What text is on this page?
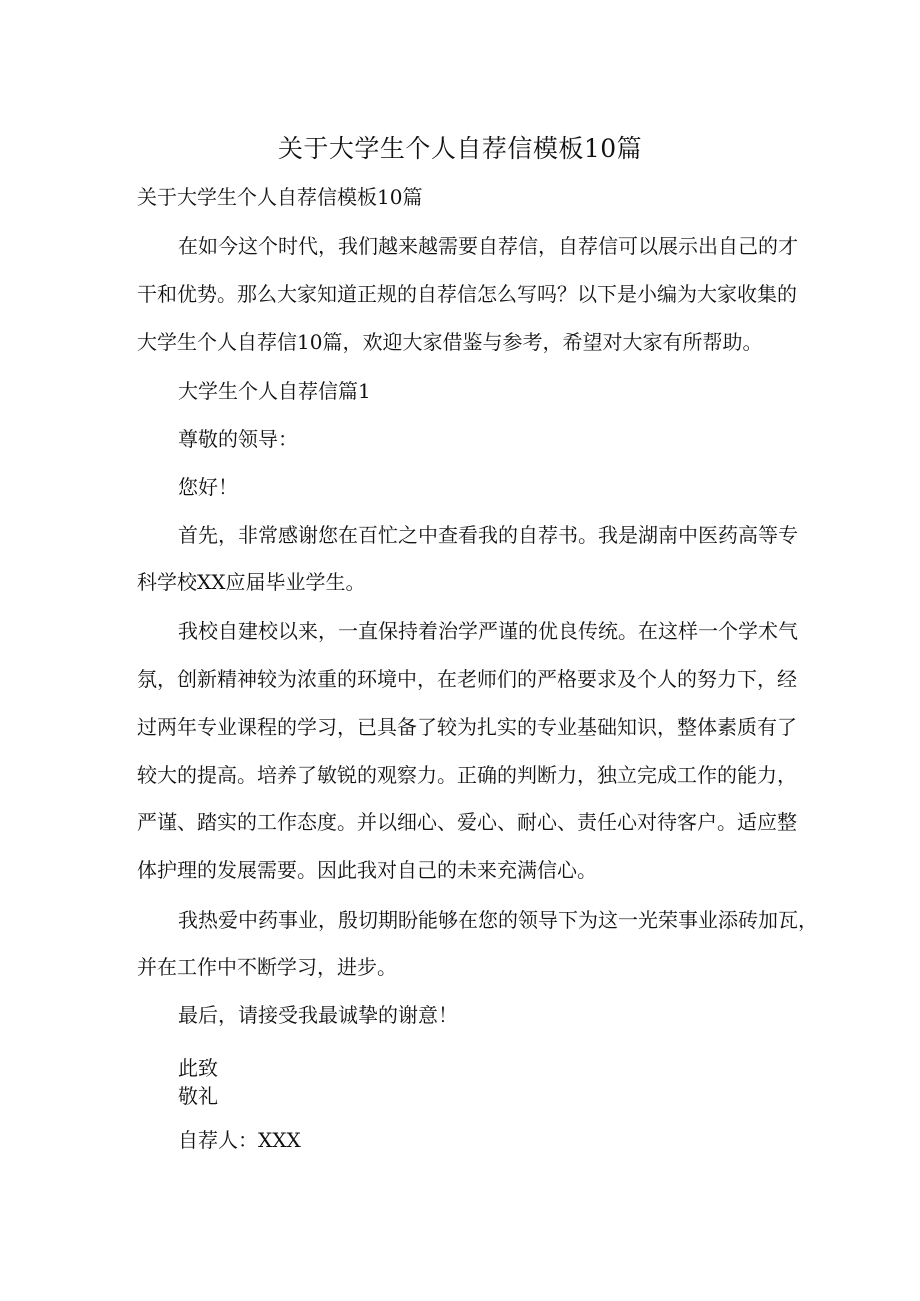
关于大学生个人自荐信模板10篇
关于大学生个人自荐信模板10篇
在如今这个时代，我们越来越需要自荐信，自荐信可以展示出自己的才
干和优势。那么大家知道正规的自荐信怎么写吗？以下是小编为大家收集的
大学生个人自荐信10篇，欢迎大家借鉴与参考，希望对大家有所帮助。
大学生个人自荐信篇1
尊敬的领导：
您好！
首先，非常感谢您在百忙之中查看我的自荐书。我是湖南中医药高等专
科学校XX应届毕业学生。
我校自建校以来，一直保持着治学严谨的优良传统。在这样一个学术气
氛，创新精神较为浓重的环境中，在老师们的严格要求及个人的努力下，经
过两年专业课程的学习，已具备了较为扎实的专业基础知识，整体素质有了
较大的提高。培养了敏锐的观察力。正确的判断力，独立完成工作的能力，
严谨、踏实的工作态度。并以细心、爱心、耐心、责任心对待客户。适应整
体护理的发展需要。因此我对自己的未来充满信心。
我热爱中药事业，殷切期盼能够在您的领导下为这一光荣事业添砖加瓦，
并在工作中不断学习，进步。
最后，请接受我最诚挚的谢意！
此致
敬礼
自荐人：XXX
